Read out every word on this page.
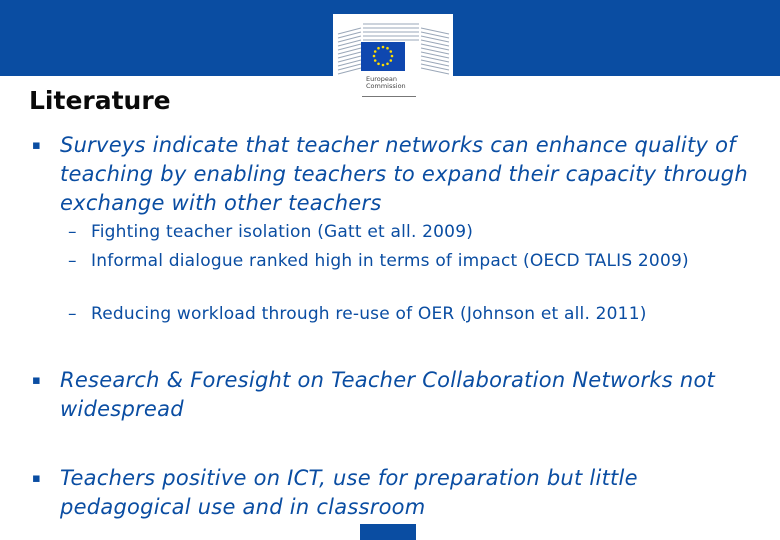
European
Commission
Literature
▪ Surveys indicate that teacher networks can enhance quality of teaching by enabling teachers to expand their capacity through exchange with other teachers
– Fighting teacher isolation (Gatt et all. 2009)
– Informal dialogue ranked high in terms of impact (OECD TALIS 2009)
– Reducing workload through re-use of OER (Johnson et all. 2011)
▪ Research & Foresight on Teacher Collaboration Networks not widespread
▪ Teachers positive on ICT, use for preparation but little pedagogical use and in classroom
